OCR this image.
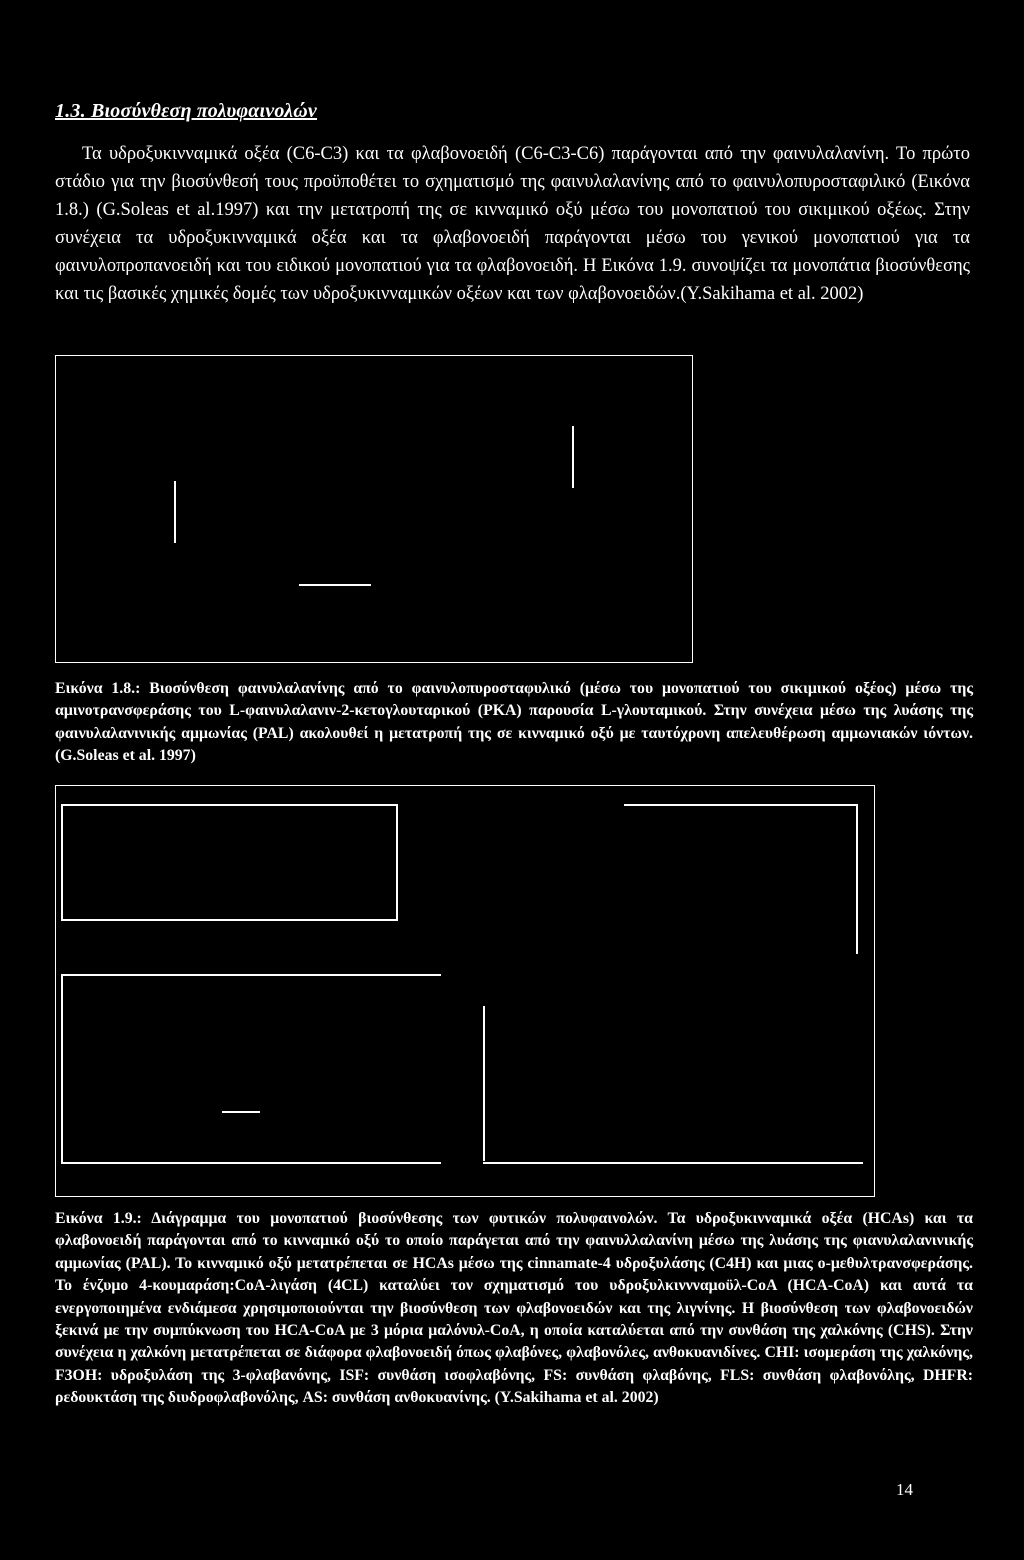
1.3. Βιοσύνθεση πολυφαινολών

Τα υδροξυκινναμικά οξέα (C6-C3) και τα φλαβονοειδή (C6-C3-C6) παράγονται από την φαινυλαλανίνη. Το πρώτο στάδιο για την βιοσύνθεσή τους προϋποθέτει το σχηματισμό της φαινυλαλανίνης από το φαινυλοπυροσταφιλικό (Εικόνα 1.8.) (G.Soleas et al.1997) και την μετατροπή της σε κινναμικό οξύ μέσω του μονοπατιού του σικιμικού οξέως. Στην συνέχεια τα υδροξυκινναμικά οξέα και τα φλαβονοειδή παράγονται μέσω του γενικού μονοπατιού για τα φαινυλοπροπανοειδή και του ειδικού μονοπατιού για τα φλαβονοειδή. Η Εικόνα 1.9. συνοψίζει τα μονοπάτια βιοσύνθεσης και τις βασικές χημικές δομές των υδροξυκινναμικών οξέων και των φλαβονοειδών.(Y.Sakihama et al. 2002)

Εικόνα 1.8.: Βιοσύνθεση φαινυλαλανίνης από το φαινυλοπυροσταφυλικό (μέσω του μονοπατιού του σικιμικού οξέος) μέσω της αμινοτρανσφεράσης του L-φαινυλαλανιν-2-κετογλουταρικού (PKA) παρουσία L-γλουταμικού. Στην συνέχεια μέσω της λυάσης της φαινυλαλανινικής αμμωνίας (PAL) ακολουθεί η μετατροπή της σε κινναμικό οξύ με ταυτόχρονη απελευθέρωση αμμωνιακών ιόντων. (G.Soleas et al. 1997)

Εικόνα 1.9.: Διάγραμμα του μονοπατιού βιοσύνθεσης των φυτικών πολυφαινολών. Τα υδροξυκινναμικά οξέα (HCAs) και τα φλαβονοειδή παράγονται από το κινναμικό οξύ το οποίο παράγεται από την φαινυλλαλανίνη μέσω της λυάσης της φιανυλαλανινικής αμμωνίας (PAL). Το κινναμικό οξύ μετατρέπεται σε HCAs μέσω της cinnamate-4 υδροξυλάσης (C4H) και μιας ο-μεθυλτρανσφεράσης. Το ένζυμο 4-κουμαράση:CoA-λιγάση (4CL) καταλύει τον σχηματισμό του υδροξυλκιννναμοϋλ-CoA (HCA-CoA) και αυτά τα ενεργοποιημένα ενδιάμεσα χρησιμοποιούνται την βιοσύνθεση των φλαβονοειδών και της λιγνίνης. Η βιοσύνθεση των φλαβονοειδών ξεκινά με την συμπύκνωση του HCA-CoA με 3 μόρια μαλόνυλ-CoA, η οποία καταλύεται από την συνθάση της χαλκόνης (CHS). Στην συνέχεια η χαλκόνη μετατρέπεται σε διάφορα φλαβονοειδή όπως φλαβόνες, φλαβονόλες, ανθοκυανιδίνες. CHI: ισομεράση της χαλκόνης, F3OH: υδροξυλάση της 3-φλαβανόνης, ISF: συνθάση ισοφλαβόνης, FS: συνθάση φλαβόνης, FLS: συνθάση φλαβονόλης, DHFR: ρεδουκτάση της διυδροφλαβονόλης, AS: συνθάση ανθοκυανίνης. (Y.Sakihama et al. 2002)

14
